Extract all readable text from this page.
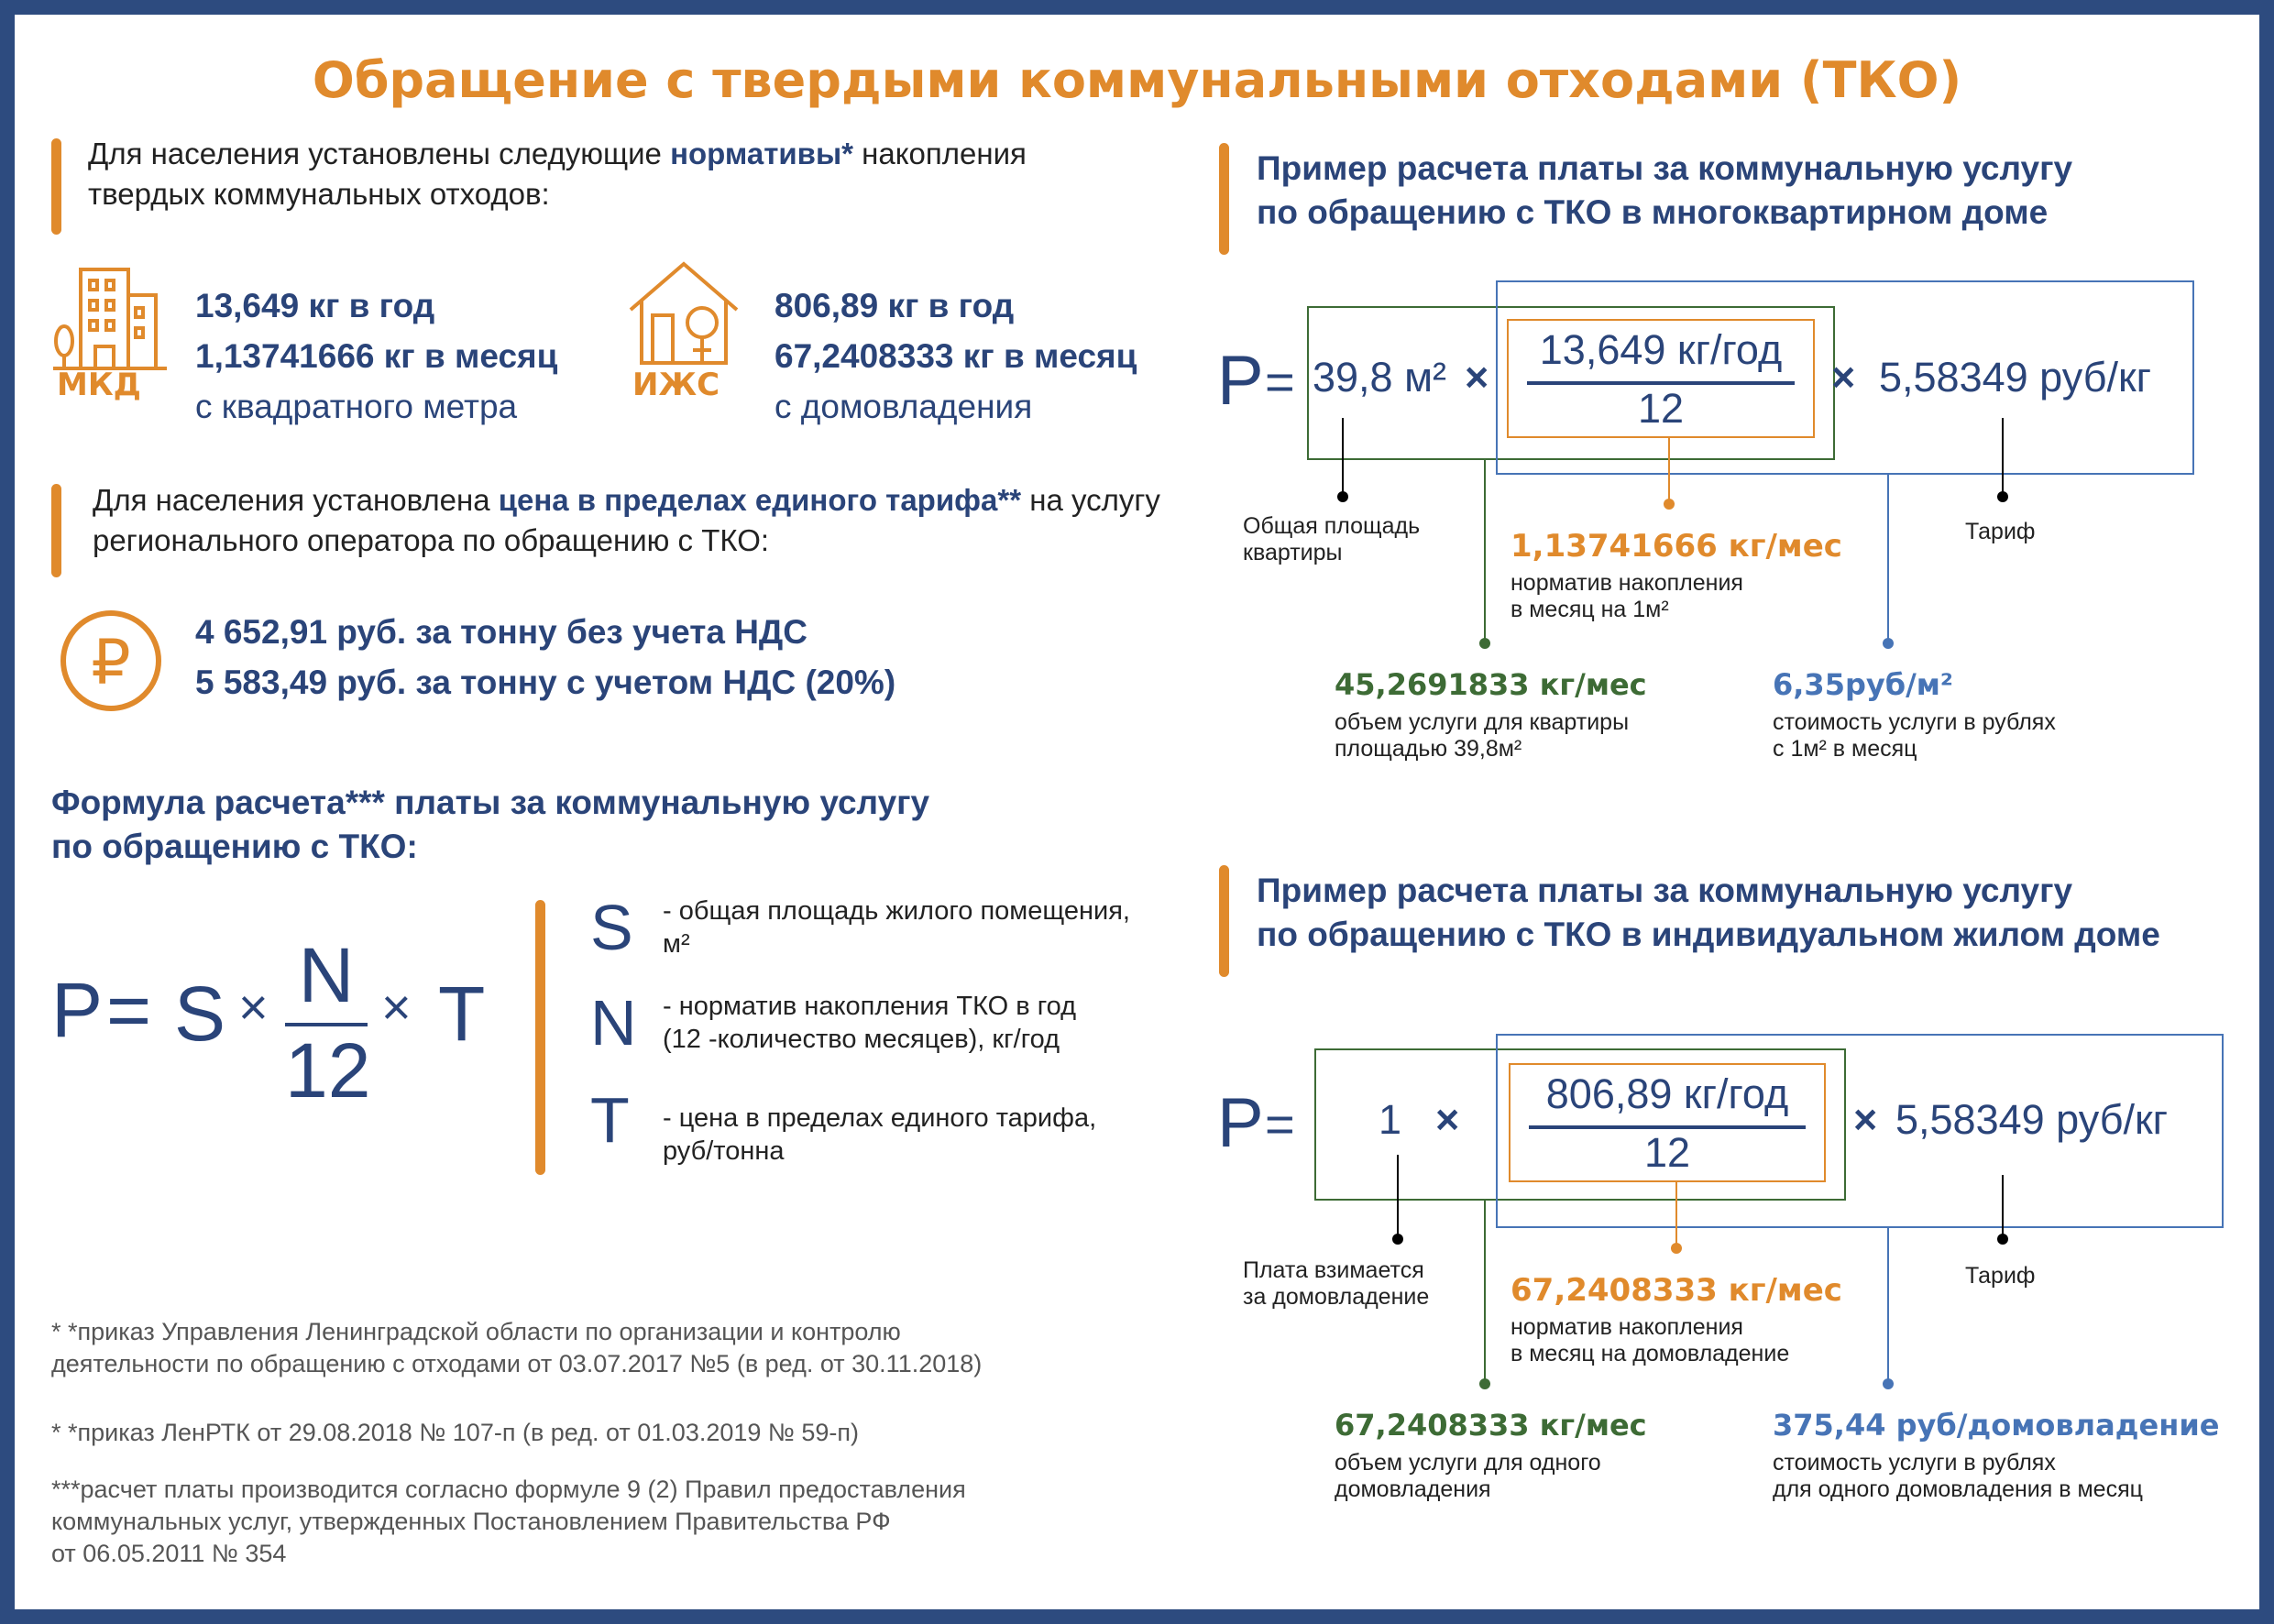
Обращение с твердыми коммунальными отходами (ТКО)
Для населения установлены следующие нормативы* накопления
твердых коммунальных отходов:
МКД
13,649 кг в год
1,13741666 кг в месяц
с квадратного метра
ИЖС
806,89 кг в год
67,2408333 кг в месяц
с домовладения
Для населения установлена цена в пределах единого тарифа** на услугу
регионального оператора по обращению с ТКО:
₽ 4 652,91 руб. за тонну без учета НДС
5 583,49 руб. за тонну с учетом НДС (20%)
Формула расчета*** платы за коммунальную услугу
по обращению с ТКО:
P = S × N
12
× T
S - общая площадь жилого помещения,
м²
N - норматив накопления ТКО в год
(12 -количество месяцев), кг/год
T - цена в пределах единого тарифа,
руб/тонна
* *приказ Управления Ленинградской области по организации и контролю
деятельности по обращению с отходами от 03.07.2017 №5 (в ред. от 30.11.2018)
* *приказ ЛенРТК от 29.08.2018 № 107-п (в ред. от 01.03.2019 № 59-п)
***расчет платы производится согласно формуле 9 (2) Правил предоставления
коммунальных услуг, утвержденных Постановлением Правительства РФ
от 06.05.2011 № 354
Пример расчета платы за коммунальную услугу
по обращению с ТКО в многоквартирном доме
P = 39,8 м² ×
13,649 кг/год
12
× 5,58349 руб/кг
Общая площадь
квартиры	1,13741666 кг/мес
норматив накопления
в месяц на 1м²
Тариф
45,2691833 кг/мес
объем услуги для квартиры
площадью 39,8м²
6,35руб/м²
стоимость услуги в рублях
с 1м² в месяц
Пример расчета платы за коммунальную услугу
по обращению с ТКО в индивидуальном жилом доме
P = 1 ×
806,89 кг/год
12
× 5,58349 руб/кг
Плата взимается
за домовладение	67,2408333 кг/мес
норматив накопления
в месяц на домовладение
Тариф
67,2408333 кг/мес
объем услуги для одного
домовладения
375,44 руб/домовладение
стоимость услуги в рублях
для одного домовладения в месяц
